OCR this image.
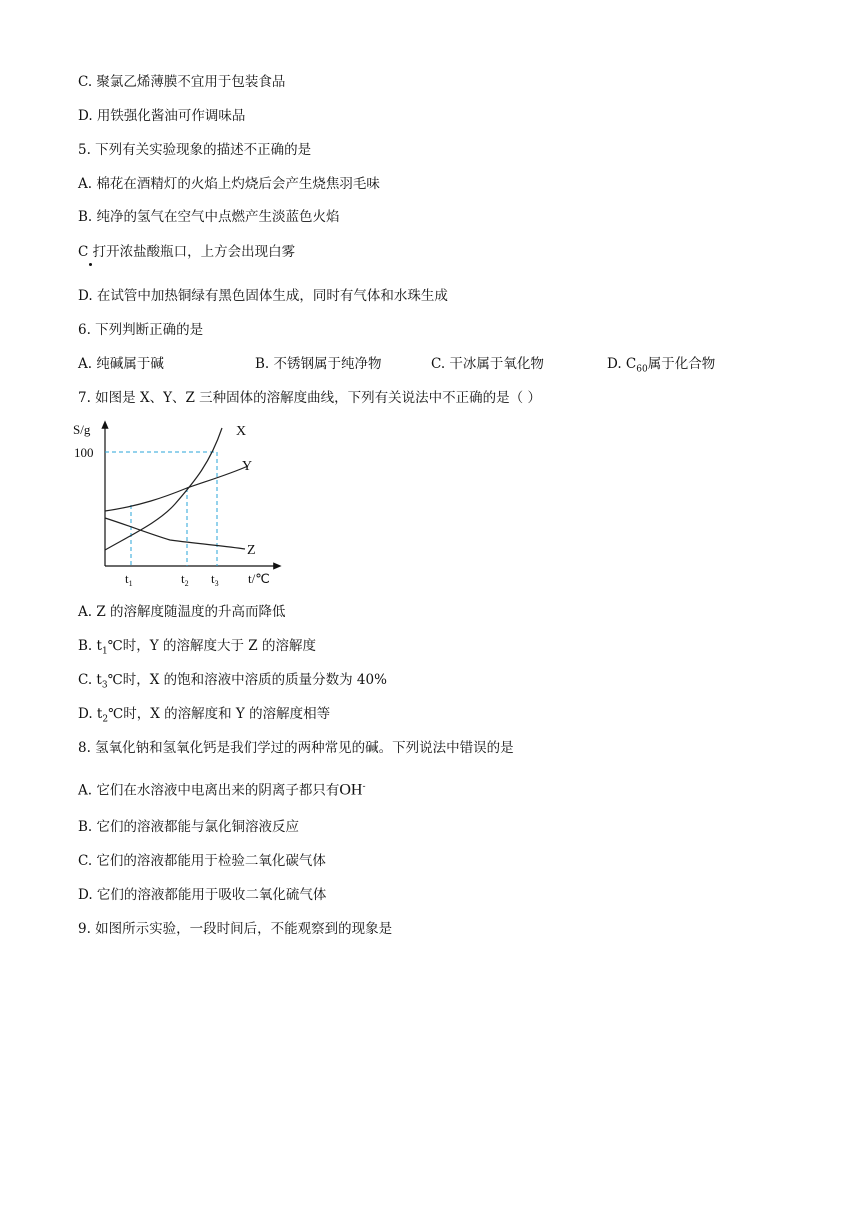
C. 聚氯乙烯薄膜不宜用于包装食品
D. 用铁强化酱油可作调味品
5. 下列有关实验现象的描述不正确的是
A. 棉花在酒精灯的火焰上灼烧后会产生烧焦羽毛味
B. 纯净的氢气在空气中点燃产生淡蓝色火焰
C 打开浓盐酸瓶口，上方会出现白雾
D. 在试管中加热铜绿有黑色固体生成，同时有气体和水珠生成
6. 下列判断正确的是
A. 纯碱属于碱	B. 不锈钢属于纯净物	C. 干冰属于氧化物	D. $C_{60}$属于化合物
7. 如图是 X、Y、Z 三种固体的溶解度曲线，下列有关说法中不正确的是（ ）
S/g
100
X
Y
Z
$t_1$	$t_2$ $t_3$ t/℃
A. Z 的溶解度随温度的升高而降低
B. $t_1℃$时，Y 的溶解度大于 Z 的溶解度
C. $t_3℃$时，X 的饱和溶液中溶质的质量分数为 40%
D. $t_2℃$时，X 的溶解度和 Y 的溶解度相等
8. 氢氧化钠和氢氧化钙是我们学过的两种常见的碱。下列说法中错误的是
A. 它们在水溶液中电离出来的阴离子都只有OH-
B. 它们的溶液都能与氯化铜溶液反应
C. 它们的溶液都能用于检验二氧化碳气体
D. 它们的溶液都能用于吸收二氧化硫气体
9. 如图所示实验，一段时间后，不能观察到的现象是
